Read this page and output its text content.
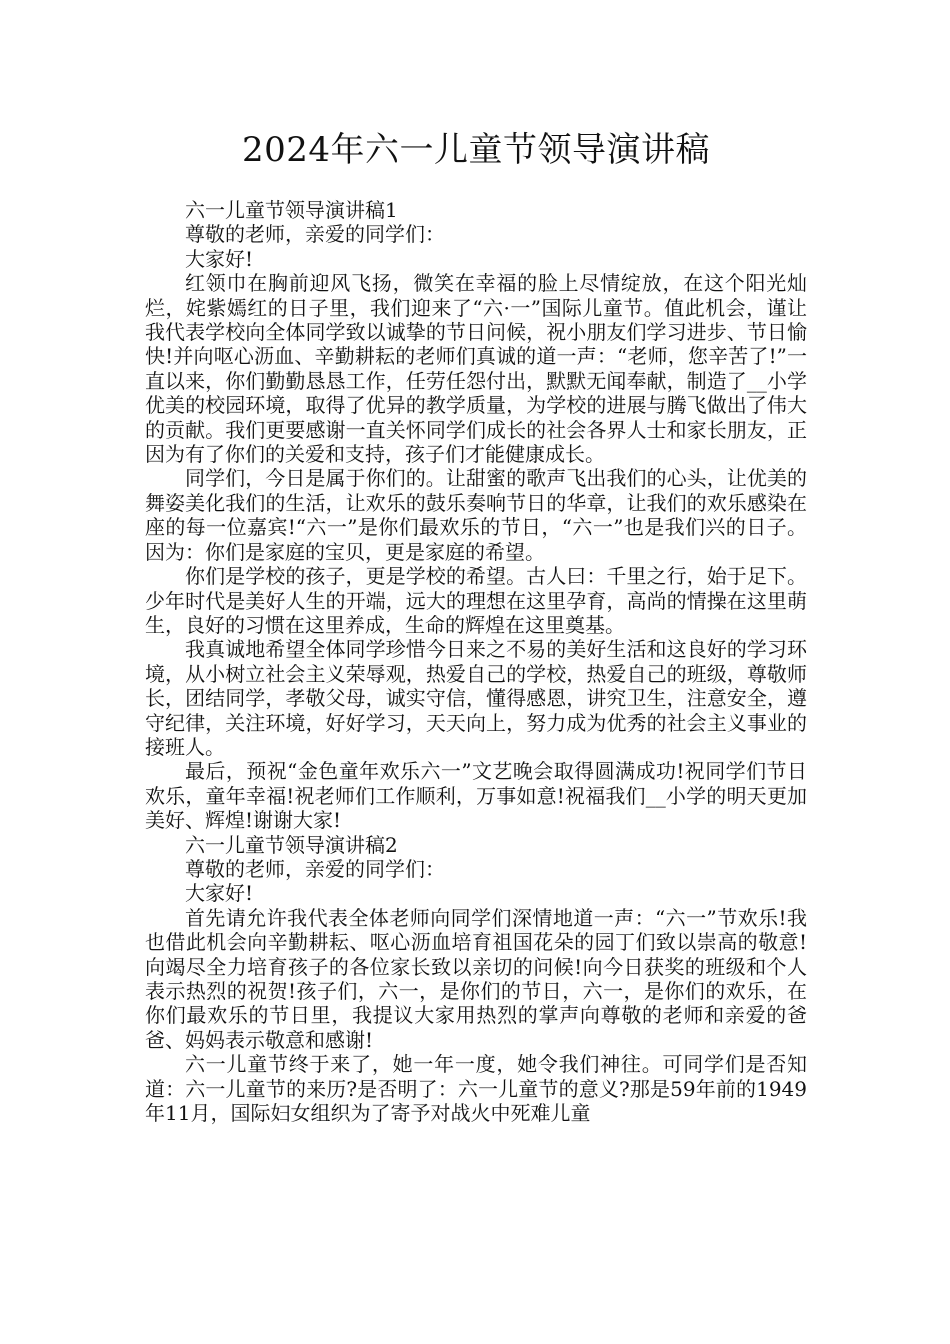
2024年六一儿童节领导演讲稿

六一儿童节领导演讲稿1

尊敬的老师，亲爱的同学们：

大家好!

红领巾在胸前迎风飞扬，微笑在幸福的脸上尽情绽放，在这个阳光灿烂，姹紫嫣红的日子里，我们迎来了“六·一”国际儿童节。值此机会，谨让我代表学校向全体同学致以诚挚的节日问候，祝小朋友们学习进步、节日愉快!并向呕心沥血、辛勤耕耘的老师们真诚的道一声：“老师，您辛苦了!”一直以来，你们勤勤恳恳工作，任劳任怨付出，默默无闻奉献，制造了__小学优美的校园环境，取得了优异的教学质量，为学校的进展与腾飞做出了伟大的贡献。我们更要感谢一直关怀同学们成长的社会各界人士和家长朋友，正因为有了你们的关爱和支持，孩子们才能健康成长。

同学们，今日是属于你们的。让甜蜜的歌声飞出我们的心头，让优美的舞姿美化我们的生活，让欢乐的鼓乐奏响节日的华章，让我们的欢乐感染在座的每一位嘉宾!“六一”是你们最欢乐的节日，“六一”也是我们兴的日子。因为：你们是家庭的宝贝，更是家庭的希望。

你们是学校的孩子，更是学校的希望。古人曰：千里之行，始于足下。少年时代是美好人生的开端，远大的理想在这里孕育，高尚的情操在这里萌生，良好的习惯在这里养成，生命的辉煌在这里奠基。

我真诚地希望全体同学珍惜今日来之不易的美好生活和这良好的学习环境，从小树立社会主义荣辱观，热爱自己的学校，热爱自己的班级，尊敬师长，团结同学，孝敬父母，诚实守信，懂得感恩，讲究卫生，注意安全，遵守纪律，关注环境，好好学习，天天向上，努力成为优秀的社会主义事业的接班人。

最后，预祝“金色童年欢乐六一”文艺晚会取得圆满成功!祝同学们节日欢乐，童年幸福!祝老师们工作顺利，万事如意!祝福我们__小学的明天更加美好、辉煌!谢谢大家!

六一儿童节领导演讲稿2

尊敬的老师，亲爱的同学们：

大家好!

首先请允许我代表全体老师向同学们深情地道一声：“六一”节欢乐!我也借此机会向辛勤耕耘、呕心沥血培育祖国花朵的园丁们致以崇高的敬意!向竭尽全力培育孩子的各位家长致以亲切的问候!向今日获奖的班级和个人表示热烈的祝贺!孩子们，六一，是你们的节日，六一，是你们的欢乐，在你们最欢乐的节日里，我提议大家用热烈的掌声向尊敬的老师和亲爱的爸爸、妈妈表示敬意和感谢!

六一儿童节终于来了，她一年一度，她令我们神往。可同学们是否知道：六一儿童节的来历?是否明了：六一儿童节的意义?那是59年前的1949年11月，国际妇女组织为了寄予对战火中死难儿童
